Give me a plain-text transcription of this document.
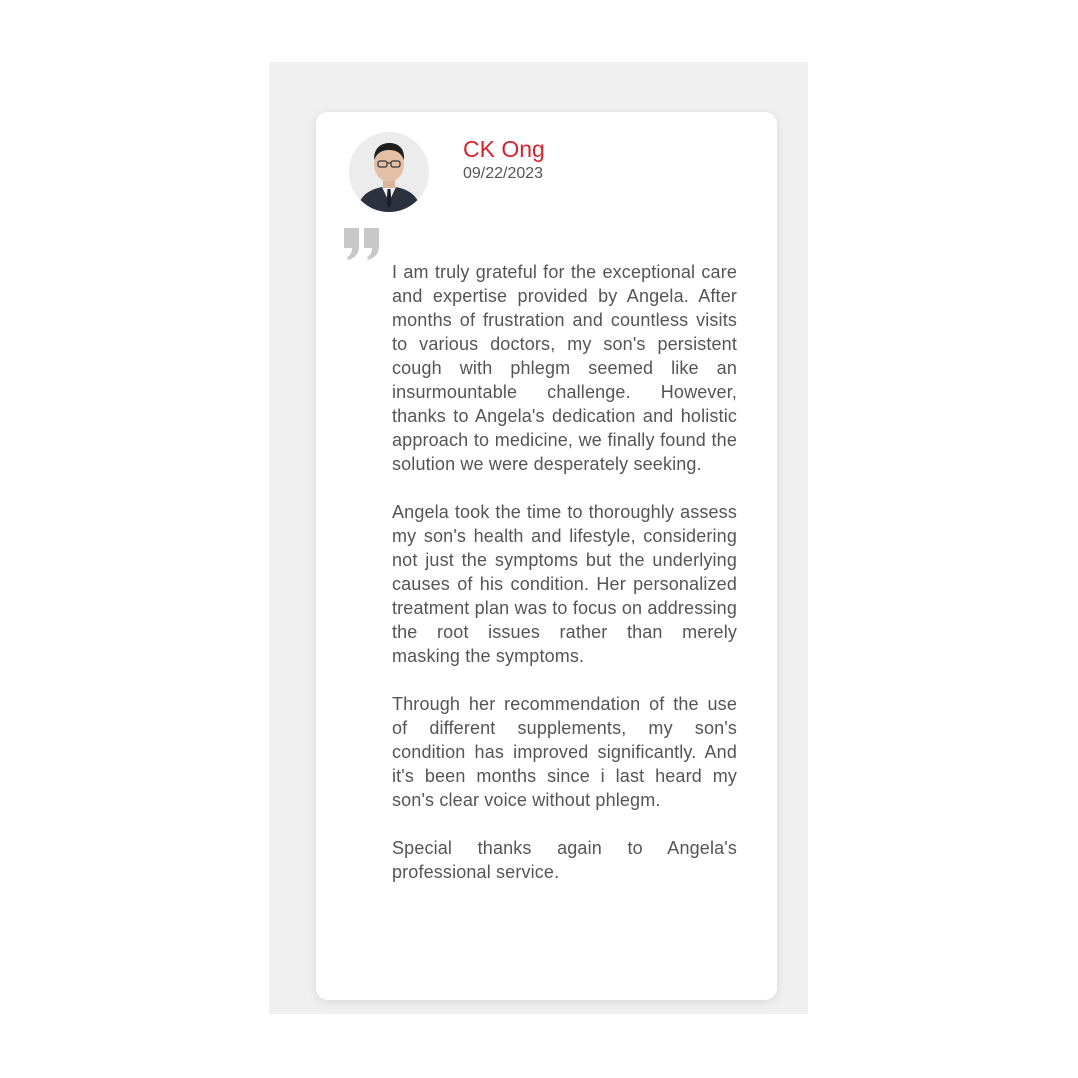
CK Ong
09/22/2023

I am truly grateful for the exceptional care and expertise provided by Angela. After months of frustration and countless visits to various doctors, my son's persistent cough with phlegm seemed like an insurmountable challenge. However, thanks to Angela's dedication and holistic approach to medicine, we finally found the solution we were desperately seeking.

Angela took the time to thoroughly assess my son's health and lifestyle, considering not just the symptoms but the underlying causes of his condition. Her personalized treatment plan was to focus on addressing the root issues rather than merely masking the symptoms.

Through her recommendation of the use of different supplements, my son's condition has improved significantly. And it's been months since i last heard my son's clear voice without phlegm.

Special thanks again to Angela's professional service.
